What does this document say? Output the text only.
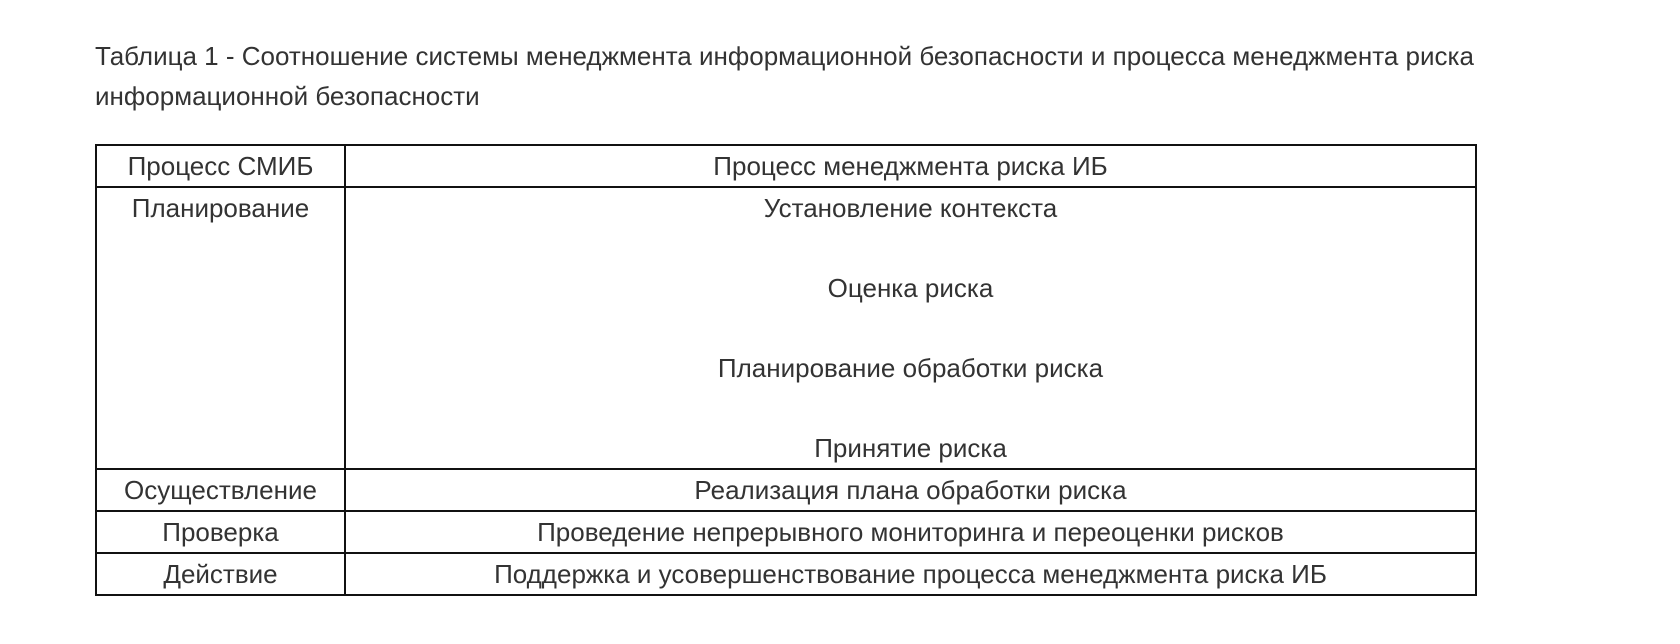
Таблица 1 - Соотношение системы менеджмента информационной безопасности и процесса менеджмента риска информационной безопасности

Процесс СМИБ	Процесс менеджмента риска ИБ
Планирование	Установление контекста
Оценка риска
Планирование обработки риска
Принятие риска

Осуществление	Реализация плана обработки риска

Проверка	Проведение непрерывного мониторинга и переоценки рисков

Действие	Поддержка и усовершенствование процесса менеджмента риска ИБ
